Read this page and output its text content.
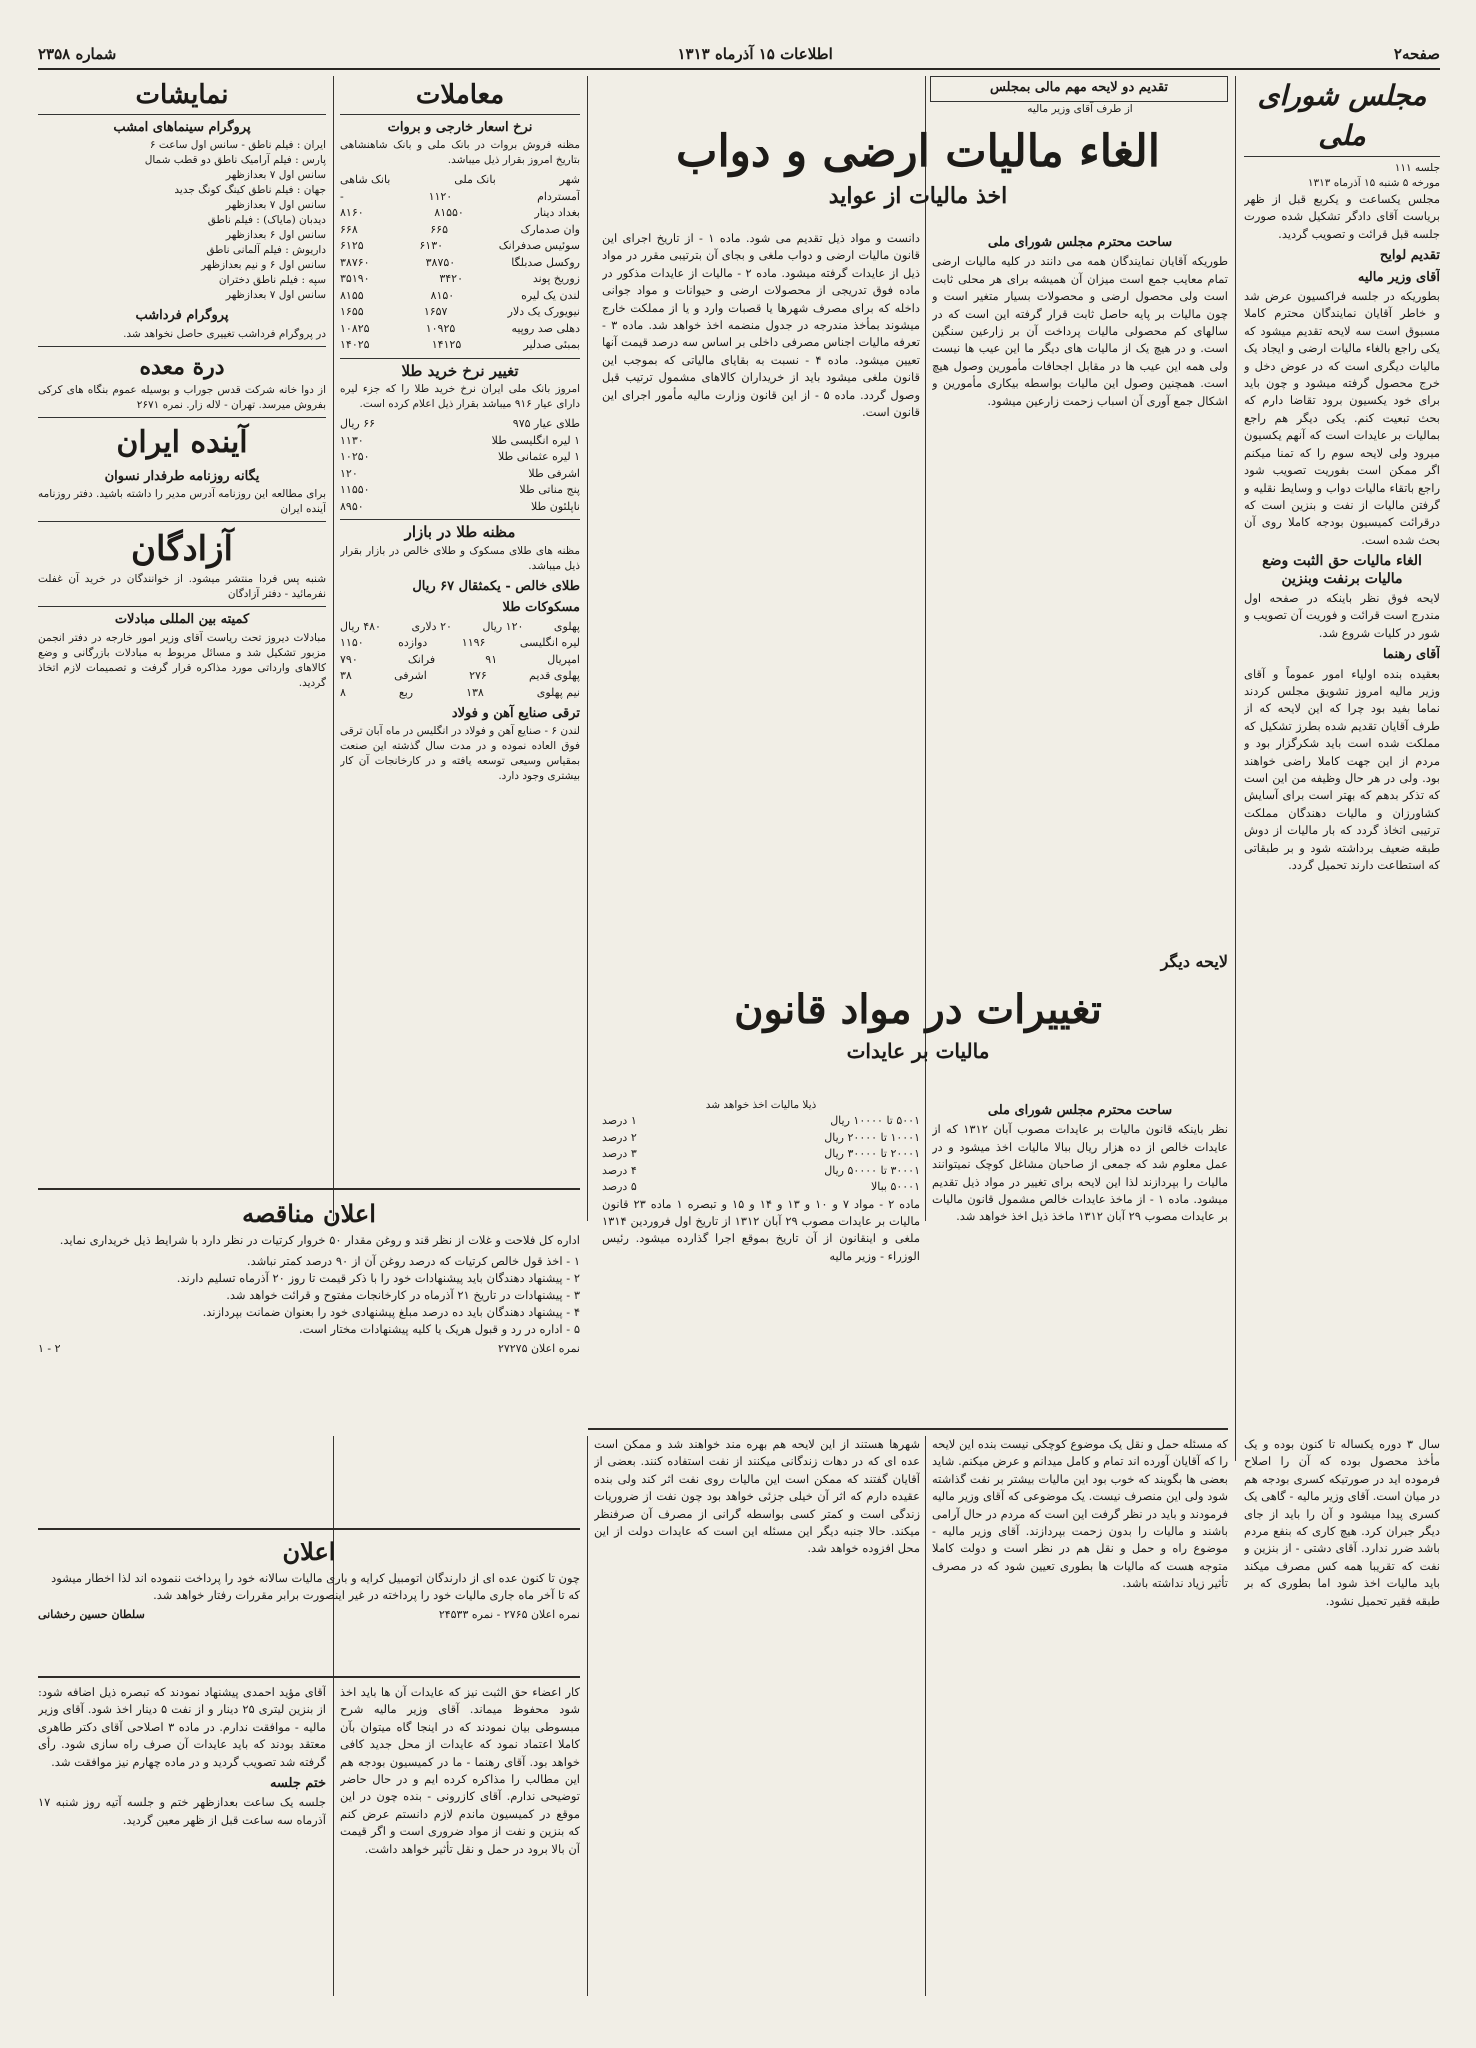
صفحه۲
اطلاعات ۱۵ آذرماه ۱۳۱۳
شماره ۲۳۵۸
مجلس شورای ملی
جلسه ۱۱۱
مورخه ۵ شنبه ۱۵ آذرماه ۱۳۱۳

مجلس یکساعت و یکربع قبل از ظهر بریاست آقای دادگر تشکیل شده صورت جلسه قبل قرائت و تصویب گردید.

تقدیم لوایح
آقای وزیر مالیه

بطوریکه در جلسه فراکسیون عرض شد و خاطر آقایان نمایندگان محترم کاملا مسبوق است سه لایحه تقدیم میشود که یکی راجع بالغاء مالیات ارضی و ایجاد یک مالیات دیگری است که در عوض دخل و خرج محصول گرفته میشود و چون باید برای خود یکسیون برود تقاضا دارم که بحث تبعیت کنم. یکی دیگر هم راجع بمالیات بر عایدات است که آنهم یکسیون میرود ولی لایحه سوم را که تمنا میکنم اگر ممکن است بفوریت تصویب شود راجع باتقاء مالیات دواب و وسایط نقلیه و گرفتن مالیات از نفت و بنزین است که درقرائت کمیسیون بودجه کاملا روی آن بحث شده است.

الغاء مالیات حق الثبت وضع مالیات برنفت وبنزین

لایحه فوق نظر باینکه در صفحه اول مندرج است قرائت و فوریت آن تصویب و شور در کلیات شروع شد.

آقای رهنما

بعقیده بنده اولیاء امور عموماً و آقای وزیر مالیه امروز تشویق مجلس کردند نماما بفید بود چرا که این لایحه که از طرف آقایان تقدیم شده بطرز تشکیل که مملکت شده است باید شکرگزار بود و مردم از این جهت کاملا راضی خواهند بود. ولی در هر حال وظیفه من این است که تذکر بدهم که بهتر است برای آسایش کشاورزان و مالیات دهندگان مملکت ترتیبی اتخاذ گردد که بار مالیات از دوش طبقه ضعیف برداشته شود و بر طبقاتی که استطاعت دارند تحمیل گردد.

تقدیم دو لایحه مهم مالی بمجلس
از طرف آقای وزیر مالیه
الغاء مالیات ارضی و دواب
اخذ مالیات از عواید
ساحت محترم مجلس شورای ملی

طوریکه آقایان نمایندگان همه می دانند در کلیه مالیات ارضی تمام معایب جمع است میزان آن همیشه برای هر محلی ثابت است ولی محصول ارضی و محصولات بسیار متغیر است و چون مالیات بر پایه حاصل ثابت قرار گرفته این است که در سالهای کم محصولی مالیات پرداخت آن بر زارعین سنگین است. و در هیچ یک از مالیات های دیگر ما این عیب ها نیست ولی همه این عیب ها در مقابل اجحافات مأمورین وصول هیچ است. همچنین وصول این مالیات بواسطه بیکاری مأمورین و اشکال جمع آوری آن اسباب زحمت زارعین میشود.

دانست و مواد ذیل تقدیم می شود. ماده ۱ - از تاریخ اجرای این قانون مالیات ارضی و دواب ملغی و بجای آن بترتیبی مقرر در مواد ذیل از عایدات گرفته میشود. ماده ۲ - مالیات از عایدات مذکور در ماده فوق تدریجی از محصولات ارضی و حیوانات و مواد جوانی داخله که برای مصرف شهرها یا قصبات وارد و یا از مملکت خارج میشوند بمأخذ مندرجه در جدول منضمه اخذ خواهد شد. ماده ۳ - تعرفه مالیات اجناس مصرفی داخلی بر اساس سه درصد قیمت آنها تعیین میشود. ماده ۴ - نسبت به بقایای مالیاتی که بموجب این قانون ملغی میشود باید از خریداران کالاهای مشمول ترتیب قبل وصول گردد. ماده ۵ - از این قانون وزارت مالیه مأمور اجرای این قانون است.

لایحه دیگر
تغییرات در مواد قانون
مالیات بر عایدات
ساحت محترم مجلس شورای ملی

نظر باینکه قانون مالیات بر عایدات مصوب آبان ۱۳۱۲ که از عایدات خالص از ده هزار ریال ببالا مالیات اخذ میشود و در عمل معلوم شد که جمعی از صاحبان مشاغل کوچک نمیتوانند مالیات را بپردازند لذا این لایحه برای تغییر در مواد ذیل تقدیم میشود. ماده ۱ - از ماخذ عایدات خالص مشمول قانون مالیات بر عایدات مصوب ۲۹ آبان ۱۳۱۲ ماخذ ذیل اخذ خواهد شد.

ذیلا مالیات اخذ خواهد شد
۵۰۰۱ تا ۱۰۰۰۰ ریال
۱ درصد
۱۰۰۰۱ تا ۲۰۰۰۰ ریال
۲ درصد
۲۰۰۰۱ تا ۳۰۰۰۰ ریال
۳ درصد
۳۰۰۰۱ تا ۵۰۰۰۰ ریال
۴ درصد
۵۰۰۰۱ ببالا
۵ درصد

ماده ۲ - مواد ۷ و ۱۰ و ۱۳ و ۱۴ و ۱۵ و تبصره ۱ ماده ۲۳ قانون مالیات بر عایدات مصوب ۲۹ آبان ۱۳۱۲ از تاریخ اول فروردین ۱۳۱۴ ملغی و اینقانون از آن تاریخ بموقع اجرا گذارده میشود. رئیس الوزراء - وزیر مالیه

معاملات
نرخ اسعار خارجی و بروات

مظنه فروش بروات در بانک ملی و بانک شاهنشاهی بتاریخ امروز بقرار ذیل میباشد.

شهر
بانک ملی
بانک شاهی
آمستردام
۱۱۲۰
-
بغداد دینار
۸۱۵۵۰
۸۱۶۰
وان صدمارک
۶۶۵
۶۶۸
سوئیس صدفرانک
۶۱۳۰
۶۱۲۵
روکسل صدبلگا
۳۸۷۵۰
۳۸۷۶۰
زوریخ پوند
۳۴۲۰
۳۵۱۹۰
لندن یک لیره
۸۱۵۰
۸۱۵۵
نیویورک یک دلار
۱۶۵۷
۱۶۵۵
دهلی صد روپیه
۱۰۹۲۵
۱۰۸۲۵
بمبئی صدلیر
۱۴۱۲۵
۱۴۰۲۵
تغییر نرخ خرید طلا

امروز بانک ملی ایران نرخ خرید طلا را که جزء لیره دارای عیار ۹۱۶ میباشد بقرار ذیل اعلام کرده است.

طلای عیار ۹۷۵
۶۶ ریال
۱ لیره انگلیسی طلا
۱۱۳۰
۱ لیره عثمانی طلا
۱۰۲۵۰
اشرفی طلا
۱۲۰
پنج مناتی طلا
۱۱۵۵۰
ناپلئون طلا
۸۹۵۰
مظنه طلا در بازار

مظنه های طلای مسکوک و طلای خالص در بازار بقرار ذیل میباشد.

طلای خالص - یکمثقال ۶۷ ریال
مسکوکات طلا
پهلوی
۱۲۰ ریال
۲۰ دلاری
۴۸۰ ریال
لیره انگلیسی
۱۱۹۶
دوازده
۱۱۵۰
امپریال
۹۱
فرانک
۷۹۰
پهلوی قدیم
۲۷۶
اشرفی
۳۸
نیم پهلوی
۱۳۸
ربع
۸
ترقی صنایع آهن و فولاد

لندن ۶ - صنایع آهن و فولاد در انگلیس در ماه آبان ترقی فوق العاده نموده و در مدت سال گذشته این صنعت بمقیاس وسیعی توسعه یافته و در کارخانجات آن کار بیشتری وجود دارد.

نمایشات
پروگرام سینماهای امشب
ایران : فیلم ناطق - سانس اول ساعت ۶
پارس : فیلم آرامیک ناطق دو قطب شمال
سانس اول ۷ بعدازظهر
جهان : فیلم ناطق کینگ کونگ جدید
سانس اول ۷ بعدازظهر
دیدبان (مایاک) : فیلم ناطق
سانس اول ۶ بعدازظهر
داریوش : فیلم آلمانی ناطق
سانس اول ۶ و نیم بعدازظهر
سپه : فیلم ناطق دختران
سانس اول ۷ بعدازظهر
پروگرام فرداشب

در پروگرام فرداشب تغییری حاصل نخواهد شد.

درة معده

از دوا خانه شرکت قدس جوراب و بوسیله عموم بنگاه های کرکی بفروش میرسد. تهران - لاله زار. نمره ۲۶۷۱

آینده ایران
یگانه روزنامه طرفدار نسوان

برای مطالعه این روزنامه آدرس مدیر را داشته باشید. دفتر روزنامه آینده ایران

آزادگان

شنبه پس فردا منتشر میشود. از خوانندگان در خرید آن غفلت نفرمائید - دفتر آزادگان

کمیته بین المللی مبادلات

مبادلات دیروز تحت ریاست آقای وزیر امور خارجه در دفتر انجمن مزبور تشکیل شد و مسائل مربوط به مبادلات بازرگانی و وضع کالاهای وارداتی مورد مذاکره قرار گرفت و تصمیمات لازم اتخاذ گردید.

اعلان مناقصه

اداره کل فلاحت و غلات از نظر قند و روغن مقدار ۵۰ خروار کرتیات در نظر دارد با شرایط ذیل خریداری نماید.

۱ - اخذ قول خالص کرتیات که درصد روغن آن از ۹۰ درصد کمتر نباشد.
۲ - پیشنهاد دهندگان باید پیشنهادات خود را با ذکر قیمت تا روز ۲۰ آذرماه تسلیم دارند.
۳ - پیشنهادات در تاریخ ۲۱ آذرماه در کارخانجات مفتوح و قرائت خواهد شد.
۴ - پیشنهاد دهندگان باید ده درصد مبلغ پیشنهادی خود را بعنوان ضمانت بپردازند.
۵ - اداره در رد و قبول هریک یا کلیه پیشنهادات مختار است.
نمره اعلان ۲۷۲۷۵
۲ - ۱
اعلان

چون تا کنون عده ای از دارندگان اتومبیل کرایه و باری مالیات سالانه خود را پرداخت ننموده اند لذا اخطار میشود که تا آخر ماه جاری مالیات خود را پرداخته در غیر اینصورت برابر مقررات رفتار خواهد شد.

نمره اعلان ۲۷۶۵ - نمره ۲۴۵۳۳
سلطان حسین رخشانی

آقای مؤید احمدی پیشنهاد نمودند که تبصره ذیل اضافه شود: از بنزین لیتری ۲۵ دینار و از نفت ۵ دینار اخذ شود. آقای وزیر مالیه - موافقت ندارم. در ماده ۳ اصلاحی آقای دکتر طاهری معتقد بودند که باید عایدات آن صرف راه سازی شود. رأی گرفته شد تصویب گردید و در ماده چهارم نیز موافقت شد.

ختم جلسه

جلسه یک ساعت بعدازظهر ختم و جلسه آتیه روز شنبه ۱۷ آذرماه سه ساعت قبل از ظهر معین گردید.

کار اعضاء حق الثبت نیز که عایدات آن ها باید اخذ شود محفوظ میماند. آقای وزیر مالیه شرح مبسوطی بیان نمودند که در اینجا گاه میتوان بآن کاملا اعتماد نمود که عایدات از محل جدید کافی خواهد بود. آقای رهنما - ما در کمیسیون بودجه هم این مطالب را مذاکره کرده ایم و در حال حاضر توضیحی ندارم. آقای کازرونی - بنده چون در این موقع در کمیسیون ماندم لازم دانستم عرض کنم که بنزین و نفت از مواد ضروری است و اگر قیمت آن بالا برود در حمل و نقل تأثیر خواهد داشت.

شهرها هستند از این لایحه هم بهره مند خواهند شد و ممکن است عده ای که در دهات زندگانی میکنند از نفت استفاده کنند. بعضی از آقایان گفتند که ممکن است این مالیات روی نفت اثر کند ولی بنده عقیده دارم که اثر آن خیلی جزئی خواهد بود چون نفت از ضروریات زندگی است و کمتر کسی بواسطه گرانی از مصرف آن صرفنظر میکند. حالا جنبه دیگر این مسئله این است که عایدات دولت از این محل افزوده خواهد شد.

که مسئله حمل و نقل یک موضوع کوچکی نیست بنده این لایحه را که آقایان آورده اند تمام و کامل میدانم و عرض میکنم. شاید بعضی ها بگویند که خوب بود این مالیات بیشتر بر نفت گذاشته شود ولی این منصرف نیست. یک موضوعی که آقای وزیر مالیه فرمودند و باید در نظر گرفت این است که مردم در حال آرامی باشند و مالیات را بدون زحمت بپردازند. آقای وزیر مالیه - موضوع راه و حمل و نقل هم در نظر است و دولت کاملا متوجه هست که مالیات ها بطوری تعیین شود که در مصرف تأثیر زیاد نداشته باشد.

سال ۳ دوره یکساله تا کنون بوده و یک مأخذ محصول بوده که آن را اصلاح فرموده اید در صورتیکه کسری بودجه هم در میان است. آقای وزیر مالیه - گاهی یک کسری پیدا میشود و آن را باید از جای دیگر جبران کرد. هیچ کاری که بنفع مردم باشد ضرر ندارد. آقای دشتی - از بنزین و نفت که تقریبا همه کس مصرف میکند باید مالیات اخذ شود اما بطوری که بر طبقه فقیر تحمیل نشود.
